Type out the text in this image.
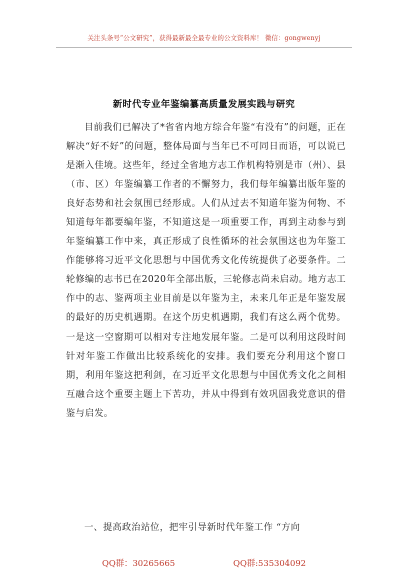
关注头条号“公文研究”，获得最新最全最专业的公文资料库！ 微信：gongwenyj
新时代专业年鉴编纂高质量发展实践与研究

目前我们已解决了*省省内地方综合年鉴“有没有”的问题，正在解决“好不好”的问题，整体局面与当年已不可同日而语，可以说已是渐入佳境。这些年，经过全省地方志工作机构特别是市（州）、县（市、区）年鉴编纂工作者的不懈努力，我们每年编纂出版年鉴的良好态势和社会氛围已经形成。人们从过去不知道年鉴为何物、不知道每年都要编年鉴，不知道这是一项重要工作，再到主动参与到年鉴编纂工作中来，真正形成了良性循环的社会氛围这也为年鉴工作能够将习近平文化思想与中国优秀文化传统提供了必要条件。二轮修编的志书已在2020年全部出版，三轮修志尚未启动。地方志工作中的志、鉴两项主业目前是以年鉴为主，未来几年正是年鉴发展的最好的历史机遇期。在这个历史机遇期，我们有这么两个优势。一是这一空窗期可以相对专注地发展年鉴。二是可以利用这段时间针对年鉴工作做出比较系统化的安排。我们要充分利用这个窗口期，利用年鉴这把利剑，在习近平文化思想与中国优秀文化之间相互融合这个重要主题上下苦功，并从中得到有效巩固我党意识的借鉴与启发。

一、提高政治站位，把牢引导新时代年鉴工作 “方向

QQ群：30265665	QQ群:535304092
